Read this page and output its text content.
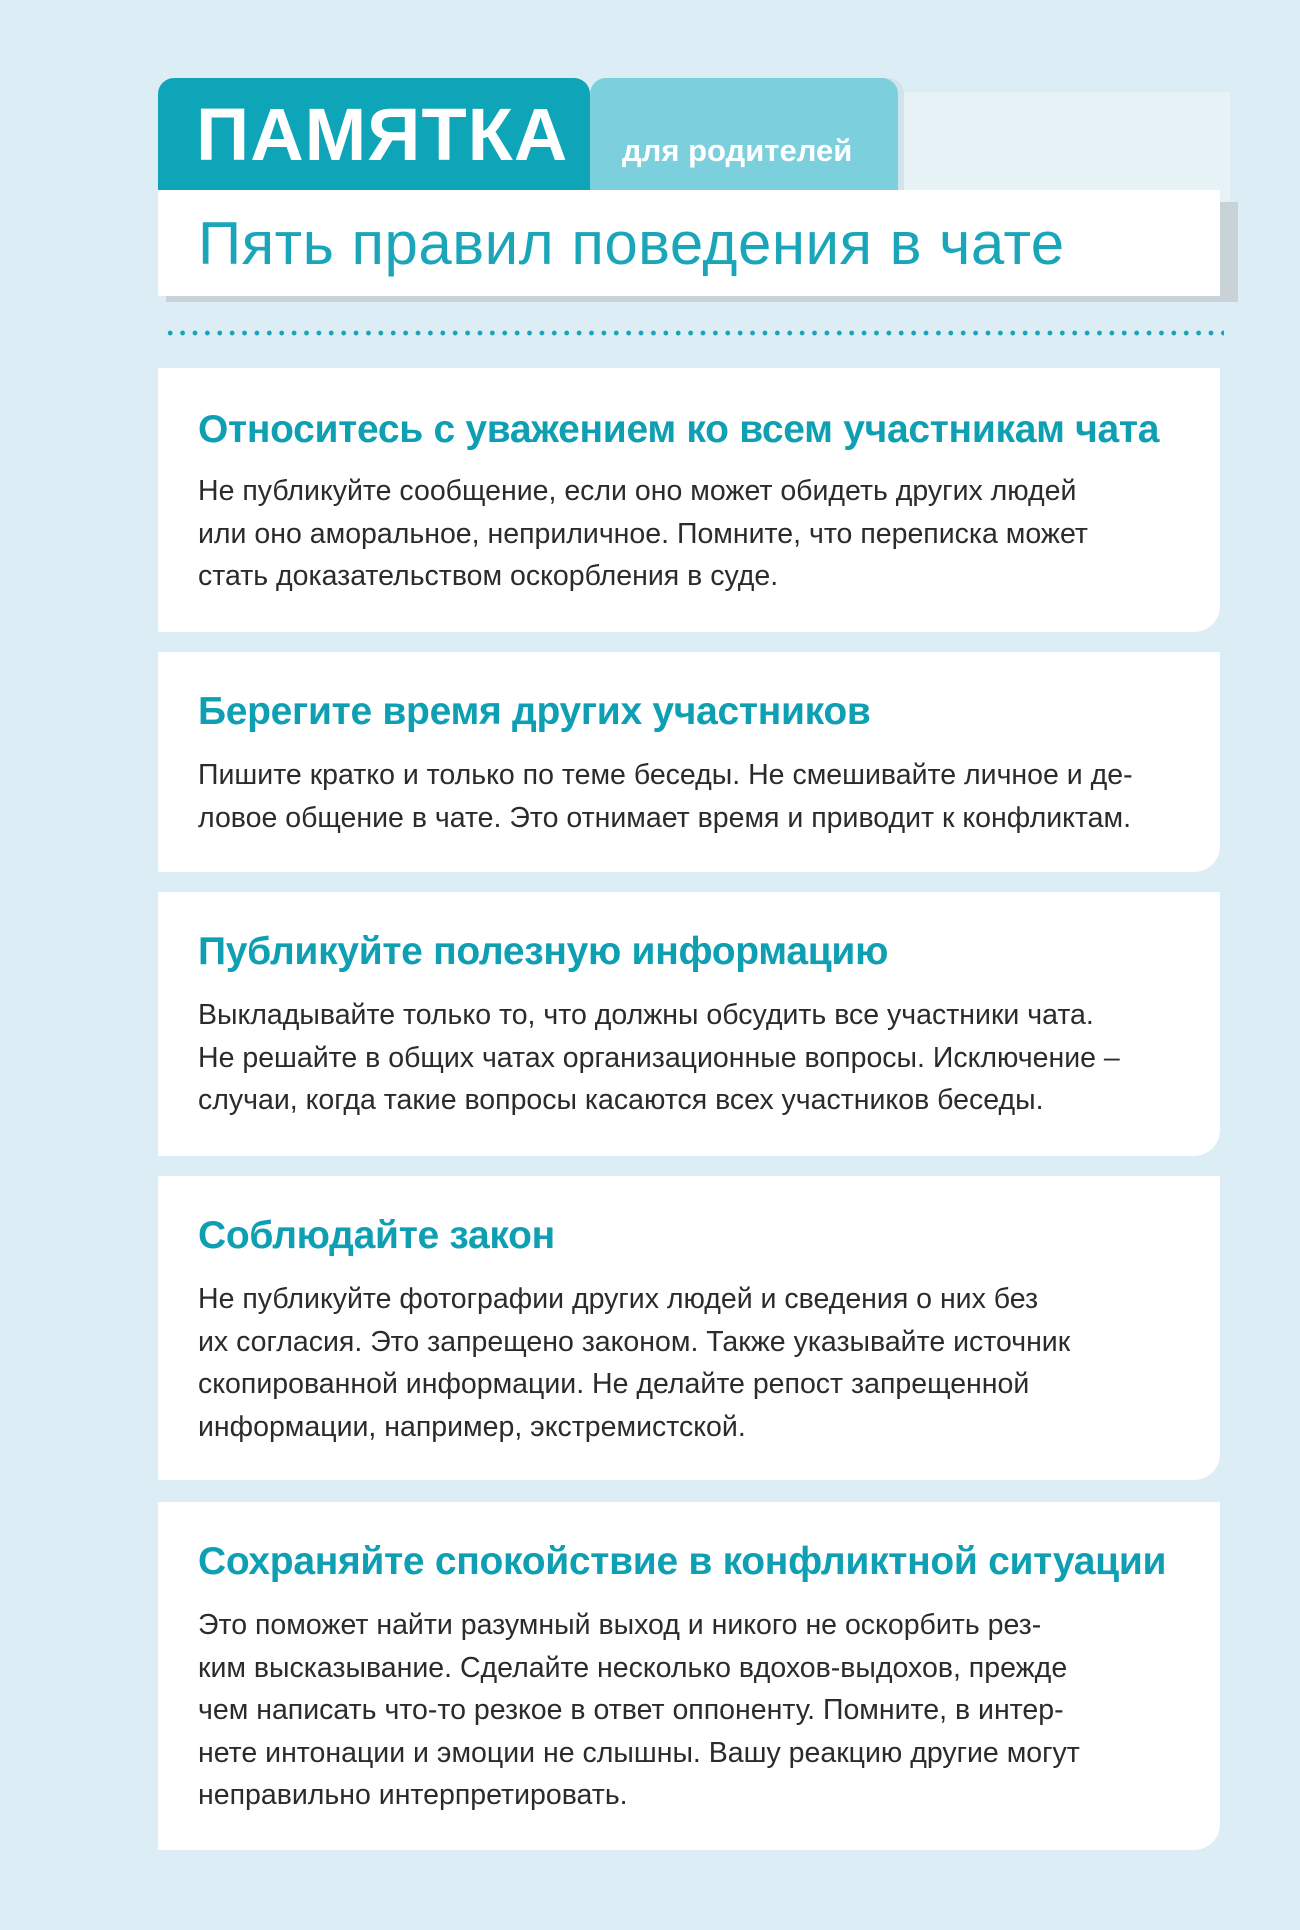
ПАМЯТКА для родителей
Пять правил поведения в чате
Относитесь с уважением ко всем участникам чата

Не публикуйте сообщение, если оно может обидеть других людей
или оно аморальное, неприличное. Помните, что переписка может
стать доказательством оскорбления в суде.

Берегите время других участников

Пишите кратко и только по теме беседы. Не смешивайте личное и де-
ловое общение в чате. Это отнимает время и приводит к конфликтам.

Публикуйте полезную информацию

Выкладывайте только то, что должны обсудить все участники чата.
Не решайте в общих чатах организационные вопросы. Исключение –
случаи, когда такие вопросы касаются всех участников беседы.

Соблюдайте закон

Не публикуйте фотографии других людей и сведения о них без
их согласия. Это запрещено законом. Также указывайте источник
скопированной информации. Не делайте репост запрещенной
информации, например, экстремистской.

Сохраняйте спокойствие в конфликтной ситуации

Это поможет найти разумный выход и никого не оскорбить рез-
ким высказывание. Сделайте несколько вдохов-выдохов, прежде
чем написать что-то резкое в ответ оппоненту. Помните, в интер-
нете интонации и эмоции не слышны. Вашу реакцию другие могут
неправильно интерпретировать.
